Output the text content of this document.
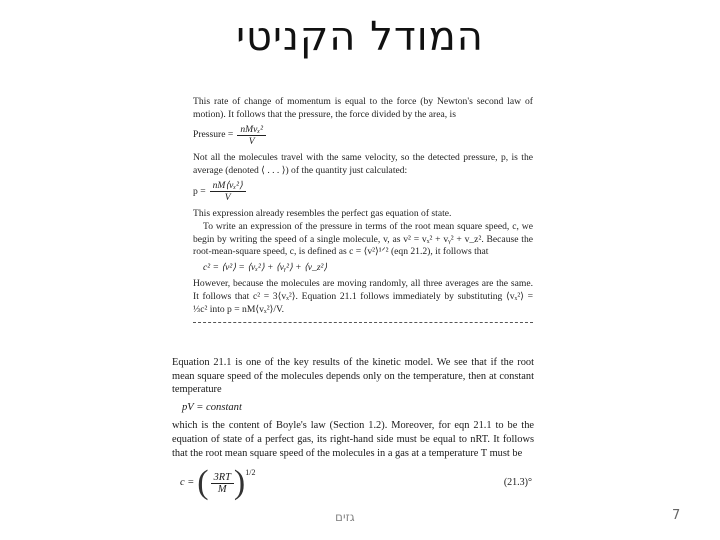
המודל הקניטי

This rate of change of momentum is equal to the force (by Newton's second law of motion). It follows that the pressure, the force divided by the area, is

Pressure = $\frac{\text{nMvₓ²}}{V}$

Not all the molecules travel with the same velocity, so the detected pressure, p, is the average (denoted ⟨ . . . ⟩) of the quantity just calculated:

$p = \frac{\text{nM⟨vₓ²⟩}}{V}$

This expression already resembles the perfect gas equation of state.

To write an expression of the pressure in terms of the root mean square speed, c, we begin by writing the speed of a single molecule, v, as v² = vₓ² + vᵧ² + v_z². Because the root-mean-square speed, c, is defined as c = ⟨v²⟩¹ᐟ² (eqn 21.2), it follows that

c² = ⟨v²⟩ = ⟨vₓ²⟩ + ⟨vᵧ²⟩ + ⟨v_z²⟩

However, because the molecules are moving randomly, all three averages are the same. It follows that c² = 3⟨vₓ²⟩. Equation 21.1 follows immediately by substituting ⟨vₓ²⟩ = ⅓c² into p = nM⟨vₓ²⟩/V.

Equation 21.1 is one of the key results of the kinetic model. We see that if the root mean square speed of the molecules depends only on the temperature, then at constant temperature

pV = constant

which is the content of Boyle's law (Section 1.2). Moreover, for eqn 21.1 to be the equation of state of a perfect gas, its right-hand side must be equal to nRT. It follows that the root mean square speed of the molecules in a gas at a temperature T must be

c = ( $\frac{3RT}{M}$ ) 1/2
(21.3)°
גזים	7
